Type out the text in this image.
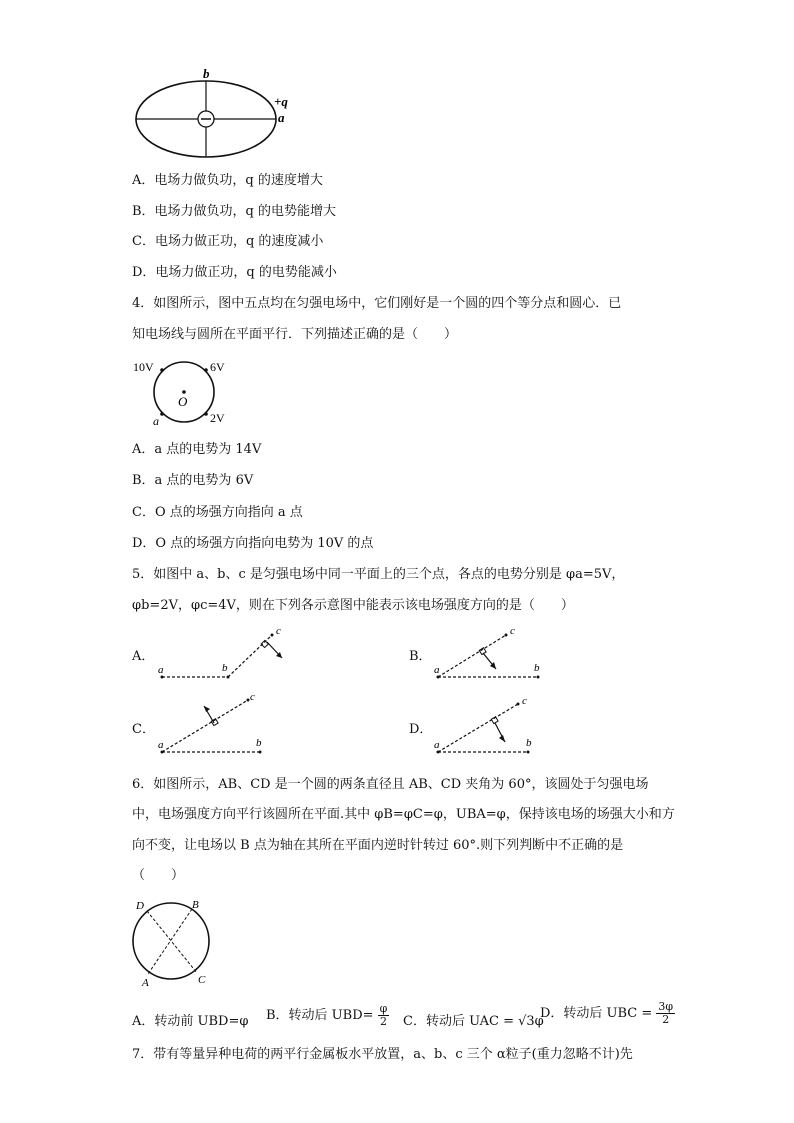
b
+q
a
A．电场力做负功，q 的速度增大
B．电场力做负功，q 的电势能增大
C．电场力做正功，q 的速度减小
D．电场力做正功，q 的电势能减小
4．如图所示，图中五点均在匀强电场中，它们刚好是一个圆的四个等分点和圆心．已
知电场线与圆所在平面平行．下列描述正确的是（　　）
10V	6V
2V
O
a
A．a 点的电势为 14V
B．a 点的电势为 6V
C．O 点的场强方向指向 a 点
D．O 点的场强方向指向电势为 10V 的点
5．如图中 a、b、c 是匀强电场中同一平面上的三个点，各点的电势分别是 φa=5V，
φb=2V，φc=4V，则在下列各示意图中能表示该电场强度方向的是（　　）
A．
a	b
c
B．
a	b
c
C．
a	b
c
D．
a	b
c
6．如图所示，AB、CD 是一个圆的两条直径且 AB、CD 夹角为 60°，该圆处于匀强电场
中，电场强度方向平行该圆所在平面.其中 φB=φC=φ，UBA=φ，保持该电场的场强大小和方
向不变，让电场以 B 点为轴在其所在平面内逆时针转过 60°.则下列判断中不正确的是
（　　）
D	B
A	C
A．转动前 UBD=φ B．转动后 $UBD= \frac{\varphi}{2}$ C．转动后 UAC = √3φ
D．转动后 UBC = $\frac{3\varphi}{2}$
7．带有等量异种电荷的两平行金属板水平放置，a、b、c 三个 α粒子(重力忽略不计)先
